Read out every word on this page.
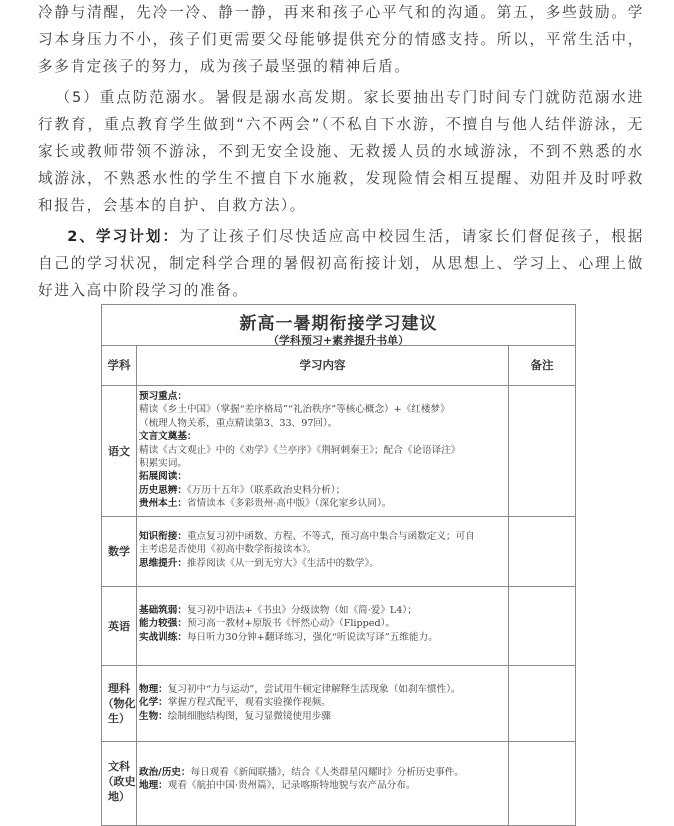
冷静与清醒，先冷一冷、静一静，再来和孩子心平气和的沟通。第五，多些鼓励。学习本身压力不小，孩子们更需要父母能够提供充分的情感支持。所以，平常生活中，多多肯定孩子的努力，成为孩子最坚强的精神后盾。

（5）重点防范溺水。暑假是溺水高发期。家长要抽出专门时间专门就防范溺水进行教育，重点教育学生做到“六不两会”（不私自下水游，不擅自与他人结伴游泳，无家长或教师带领不游泳，不到无安全设施、无救援人员的水域游泳，不到不熟悉的水域游泳，不熟悉水性的学生不擅自下水施救，发现险情会相互提醒、劝阻并及时呼救和报告，会基本的自护、自救方法）。

2、学习计划：为了让孩子们尽快适应高中校园生活，请家长们督促孩子，根据自己的学习状况，制定科学合理的暑假初高衔接计划，从思想上、学习上、心理上做好进入高中阶段学习的准备。

新高一暑期衔接学习建议
（学科预习+素养提升书单）
学科	学习内容	备注
语文
预习重点：
精读《乡土中国》（掌握“差序格局”“礼治秩序”等核心概念）+《红楼梦》
（梳理人物关系，重点精读第3、33、97回）。
文言文奠基：
精读《古文观止》中的《劝学》《兰亭序》《荆轲刺秦王》；配合《论语译注》
积累实词。
拓展阅读：
历史思辨：《万历十五年》（联系政治史料分析）；
贵州本土：省情读本《多彩贵州·高中版》（深化家乡认同）。
数学
知识衔接：重点复习初中函数、方程、不等式，预习高中集合与函数定义；可自
主考虑是否使用《初高中数学衔接读本》。
思维提升：推荐阅读《从一到无穷大》《生活中的数学》。
英语
基础筑弱：复习初中语法+《书虫》分级读物（如《简·爱》L4）；
能力较强：预习高一教材+原版书《怦然心动》（Flipped）。
实战训练：每日听力30分钟+翻译练习，强化“听说读写译”五维能力。
理科
（物化
生）
物理：复习初中“力与运动”，尝试用牛顿定律解释生活现象（如刹车惯性）。
化学：掌握方程式配平，观看实验操作视频。
生物：绘制细胞结构图，复习显微镜使用步骤
文科
（政史
地）
政治/历史：每日观看《新闻联播》，结合《人类群星闪耀时》分析历史事件。
地理：观看《航拍中国·贵州篇》，记录喀斯特地貌与农产品分布。
